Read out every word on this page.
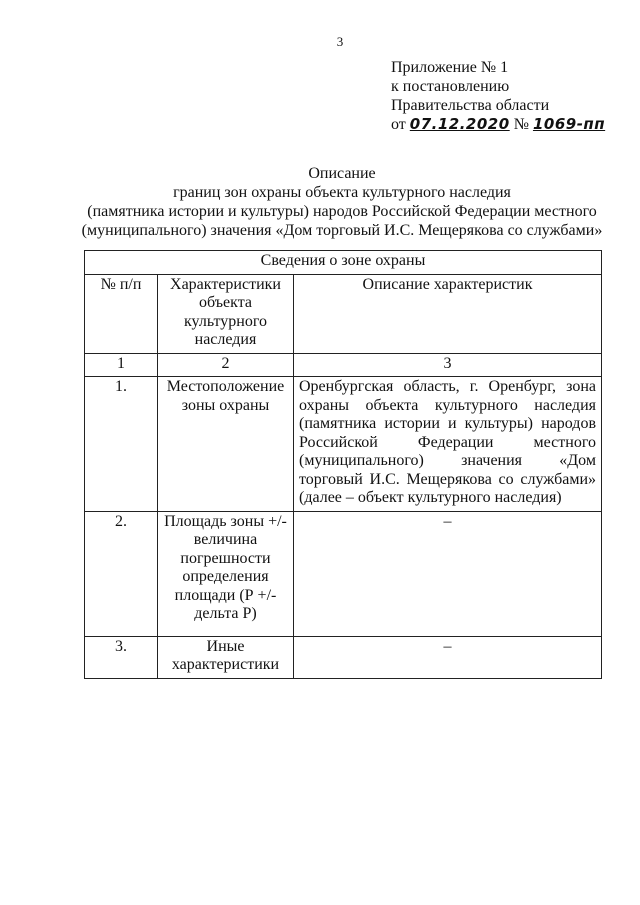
3
Приложение № 1
к постановлению
Правительства области
от 07.12.2020 № 1069-пп
Описание
границ зон охраны объекта культурного наследия
(памятника истории и культуры) народов Российской Федерации местного
(муниципального) значения «Дом торговый И.С. Мещерякова со службами»
Сведения о зоне охраны		
№ п/п	Характеристики объекта культурного наследия	Описание характеристик
1	2	3
1.	Местоположение зоны охраны	Оренбургская область, г. Оренбург, зона охраны объекта культурного наследия (памятника истории и культуры) народов Российской Федерации местного (муниципального) значения «Дом торговый И.С. Мещерякова со службами» (далее – объект культурного наследия)
2.	Площадь зоны +/- величина погрешности определения площади (Р +/- дельта Р)	–
3.	Иные характеристики	–
